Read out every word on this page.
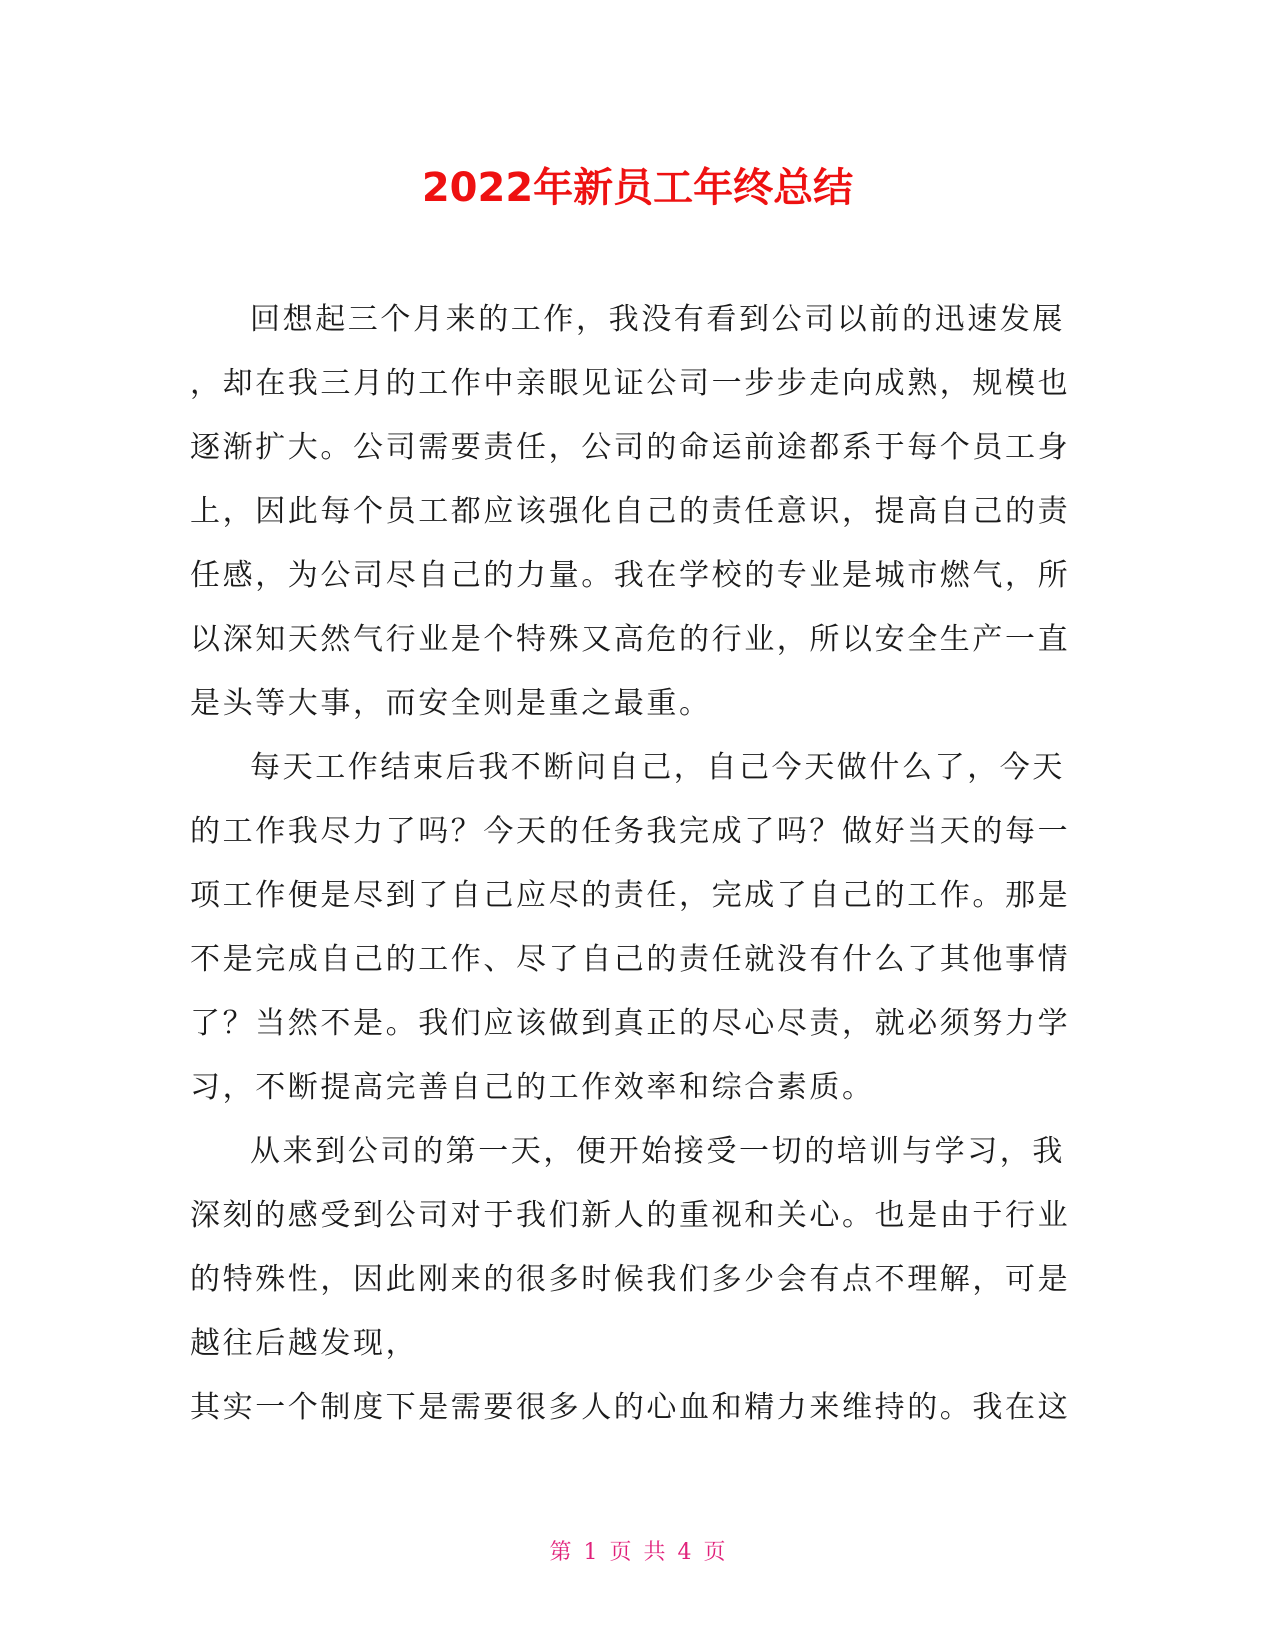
2022年新员工年终总结
回想起三个月来的工作，我没有看到公司以前的迅速发展
，却在我三月的工作中亲眼见证公司一步步走向成熟，规模也
逐渐扩大。公司需要责任，公司的命运前途都系于每个员工身
上，因此每个员工都应该强化自己的责任意识，提高自己的责
任感，为公司尽自己的力量。我在学校的专业是城市燃气，所
以深知天然气行业是个特殊又高危的行业，所以安全生产一直
是头等大事，而安全则是重之最重。
每天工作结束后我不断问自己，自己今天做什么了，今天
的工作我尽力了吗？今天的任务我完成了吗？做好当天的每一
项工作便是尽到了自己应尽的责任，完成了自己的工作。那是
不是完成自己的工作、尽了自己的责任就没有什么了其他事情
了？当然不是。我们应该做到真正的尽心尽责，就必须努力学
习，不断提高完善自己的工作效率和综合素质。
从来到公司的第一天，便开始接受一切的培训与学习，我
深刻的感受到公司对于我们新人的重视和关心。也是由于行业
的特殊性，因此刚来的很多时候我们多少会有点不理解，可是
越往后越发现，
其实一个制度下是需要很多人的心血和精力来维持的。我在这
第 1 页 共 4 页
